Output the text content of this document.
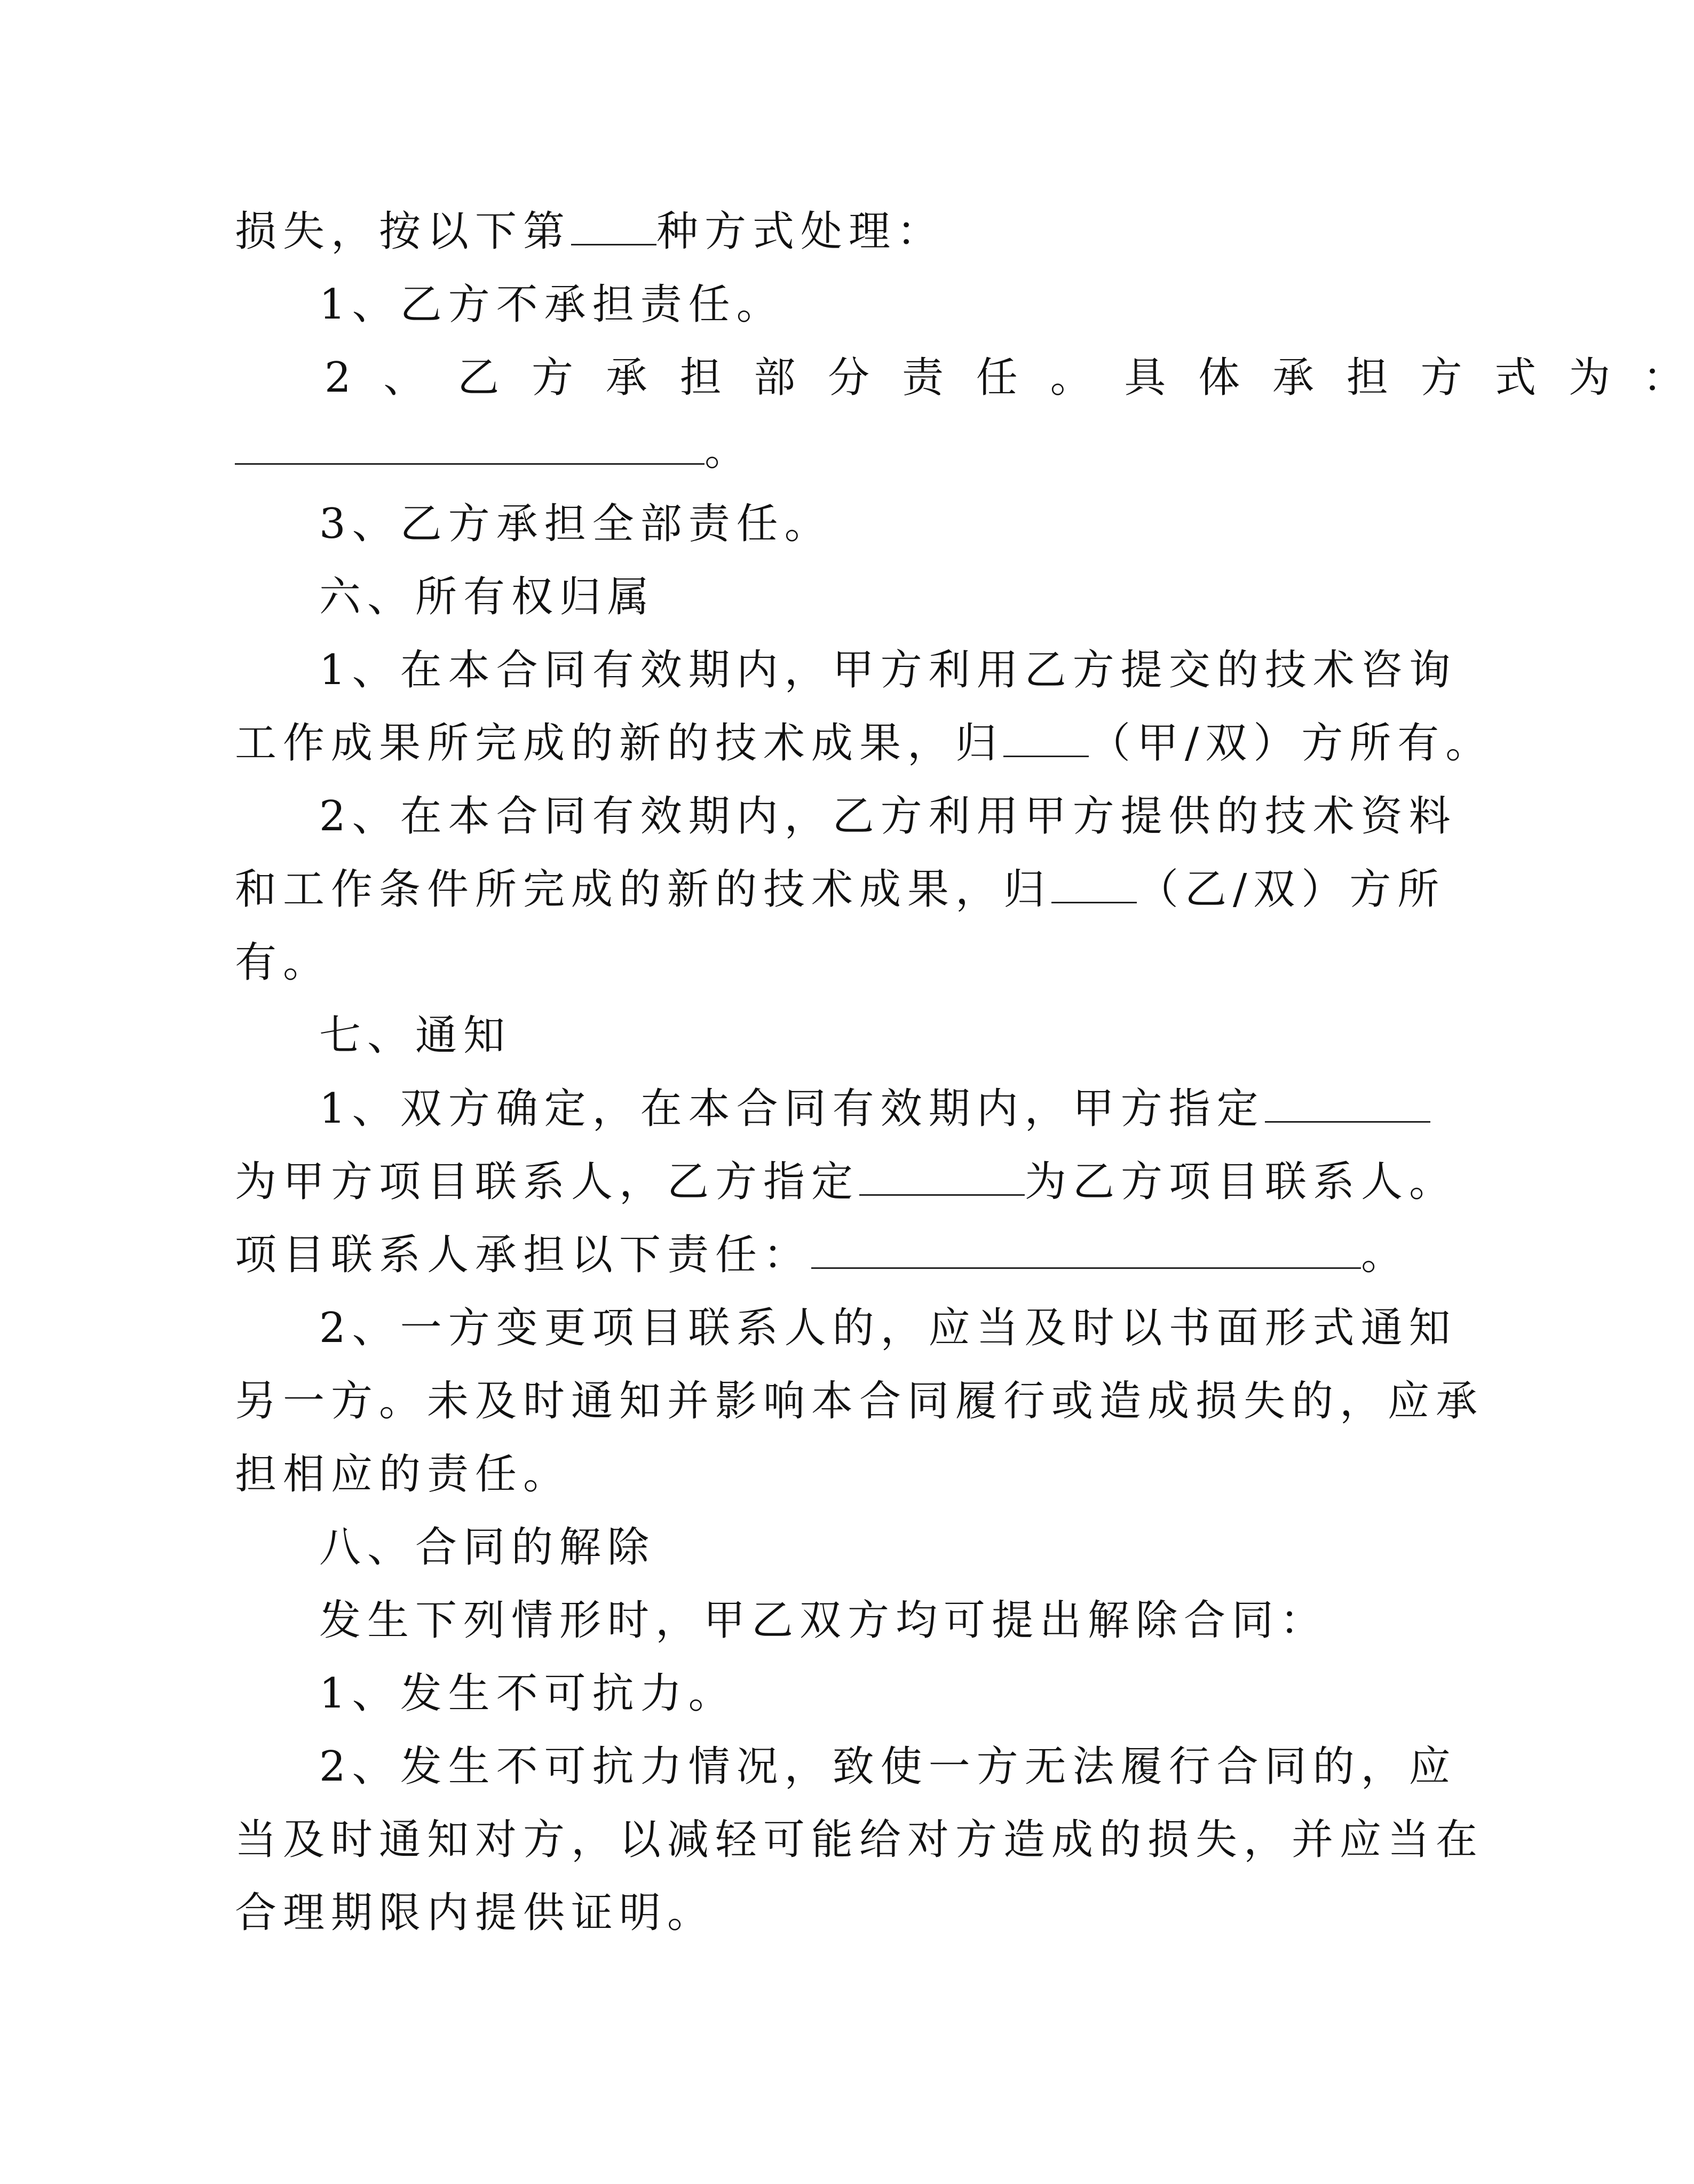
损失，按以下第 种方式处理：

1、乙方不承担责任。

2 、 乙 方 承 担 部 分 责 任 。 具 体 承 担 方 式 为 ：
。

3、乙方承担全部责任。

六、所有权归属

1、在本合同有效期内，甲方利用乙方提交的技术咨询
工作成果所完成的新的技术成果，归 （甲/双）方所有。

2、在本合同有效期内，乙方利用甲方提供的技术资料
和工作条件所完成的新的技术成果，归 （乙/双）方所
有。

七、通知

1、双方确定，在本合同有效期内，甲方指定
为甲方项目联系人，乙方指定	为乙方项目联系人。
项目联系人承担以下责任：	。

2、一方变更项目联系人的，应当及时以书面形式通知
另一方。未及时通知并影响本合同履行或造成损失的，应承
担相应的责任。

八、合同的解除

发生下列情形时，甲乙双方均可提出解除合同：

1、发生不可抗力。

2、发生不可抗力情况，致使一方无法履行合同的，应
当及时通知对方，以减轻可能给对方造成的损失，并应当在
合理期限内提供证明。
